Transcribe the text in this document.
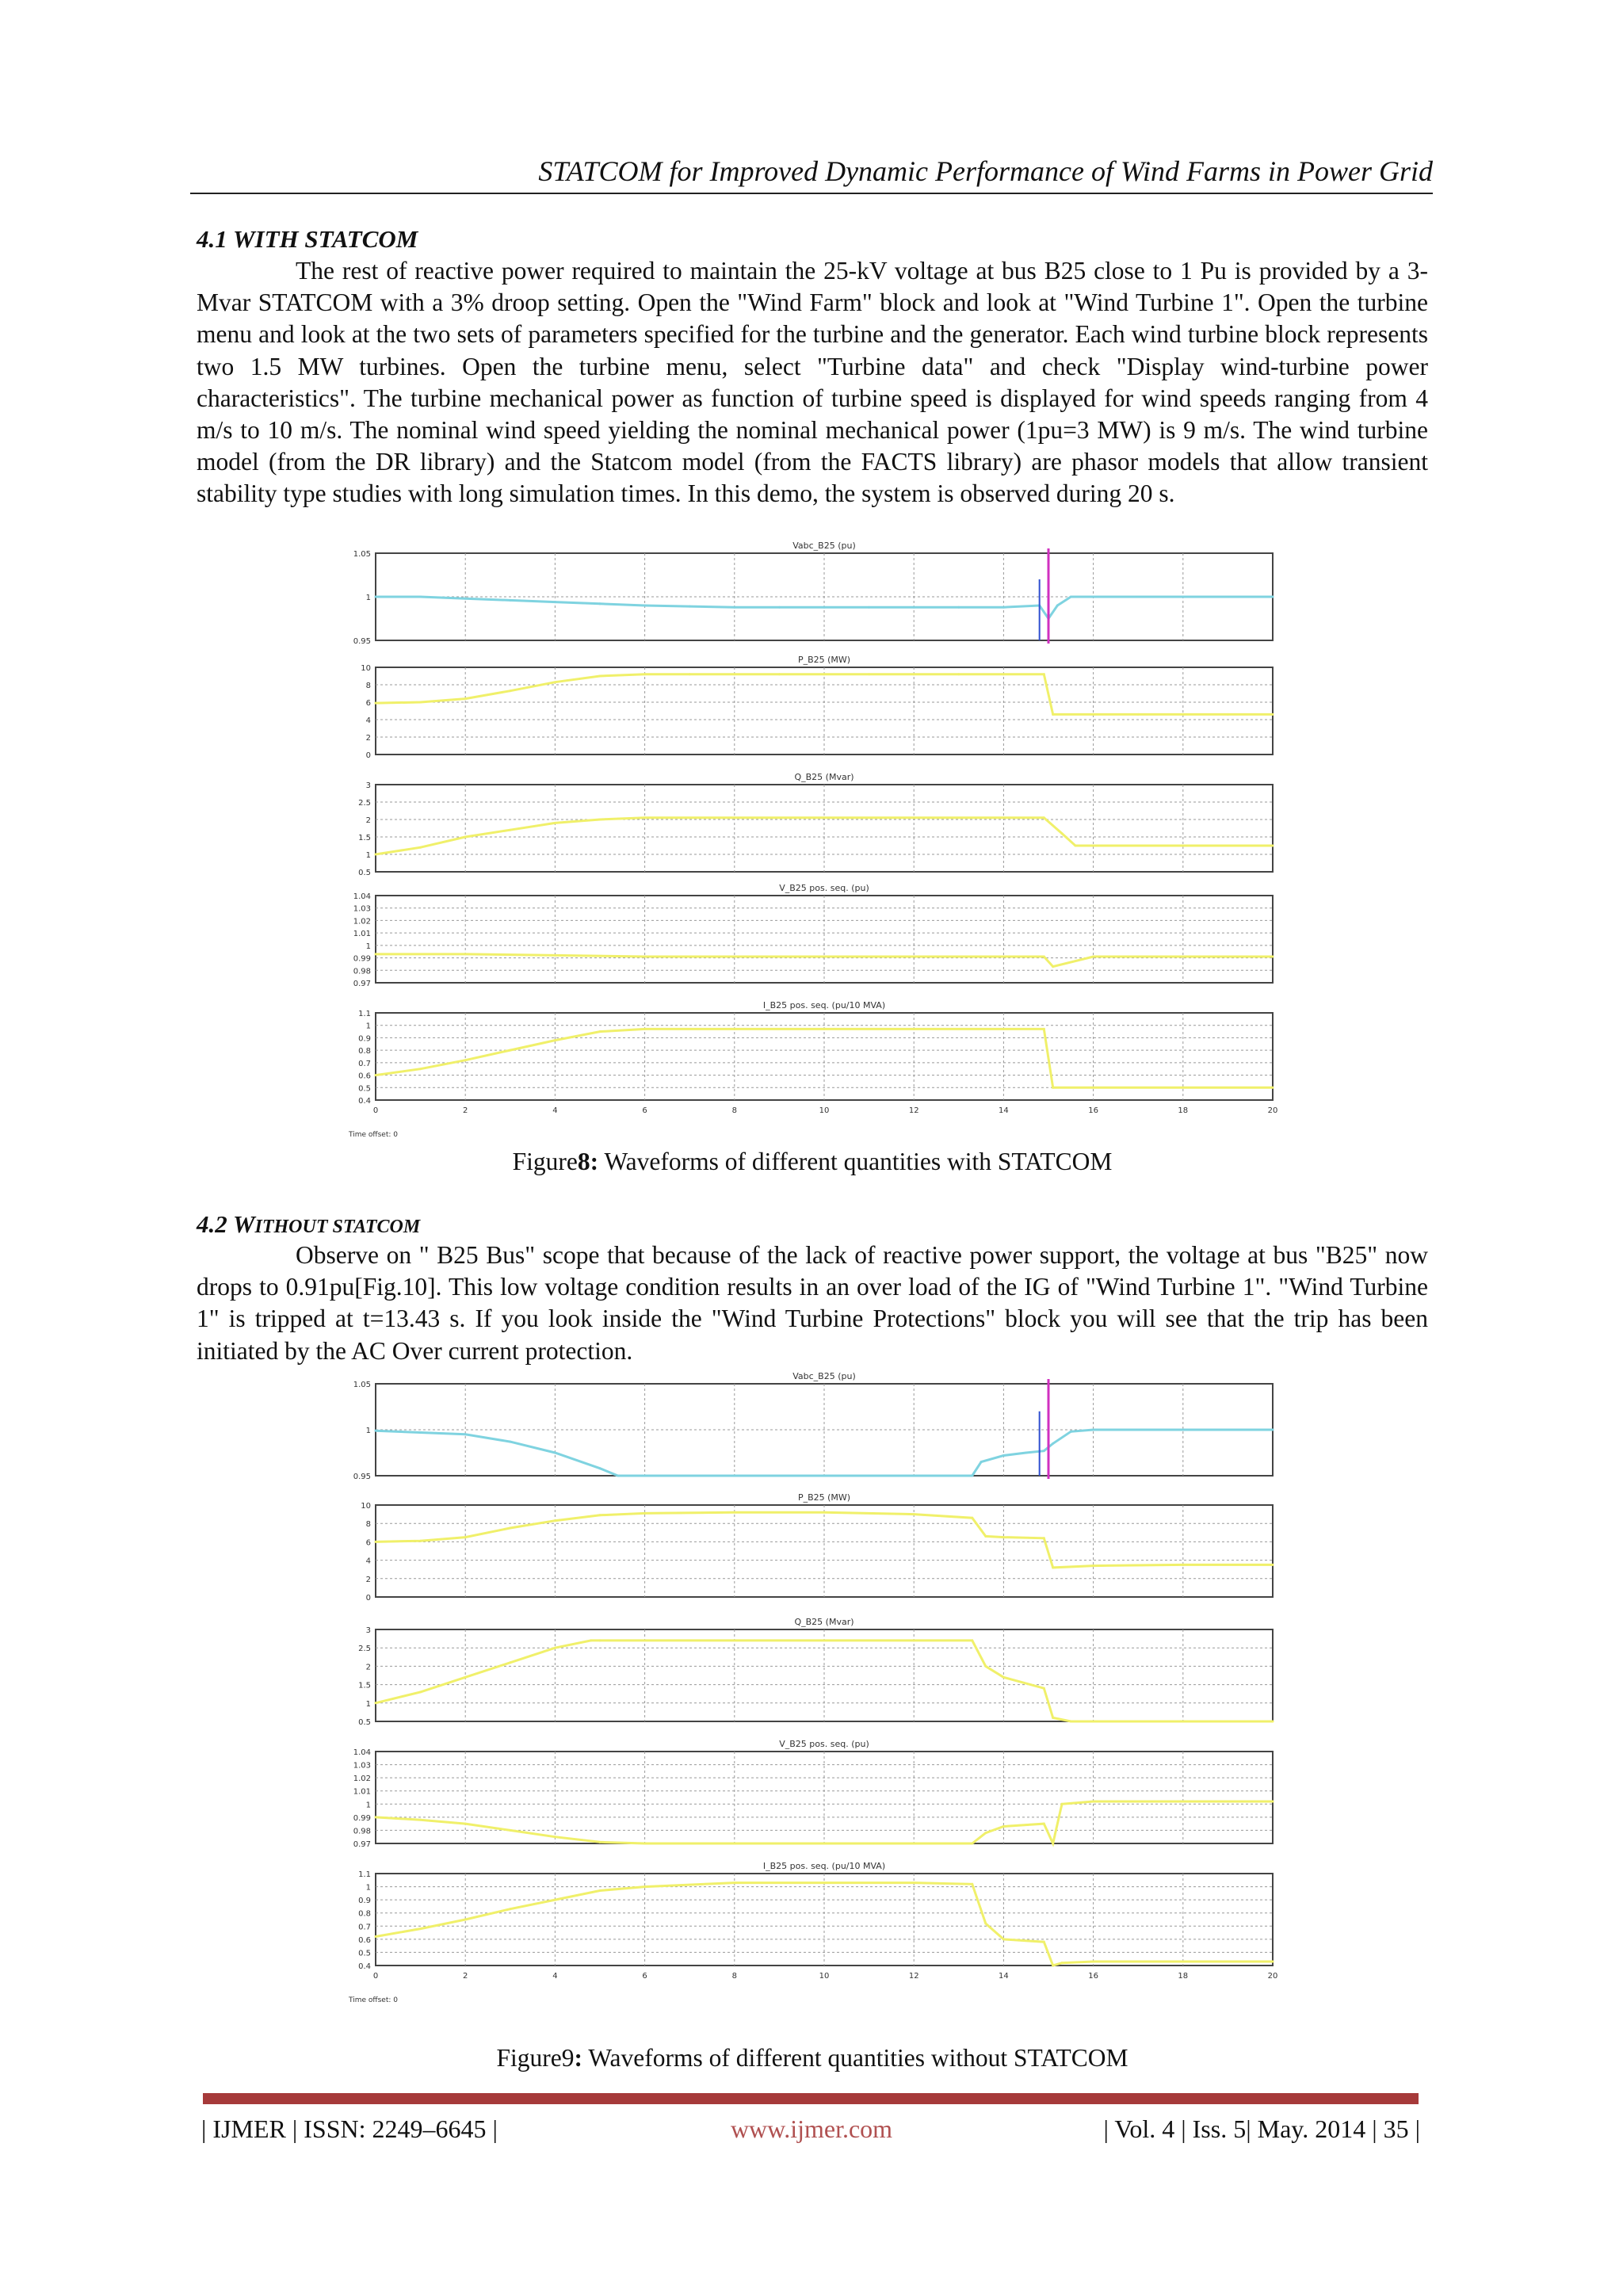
STATCOM for Improved Dynamic Performance of Wind Farms in Power Grid
4.1 WITH STATCOM

The rest of reactive power required to maintain the 25-kV voltage at bus B25 close to 1 Pu is provided by a 3-Mvar STATCOM with a 3% droop setting. Open the "Wind Farm" block and look at "Wind Turbine 1". Open the turbine menu and look at the two sets of parameters specified for the turbine and the generator. Each wind turbine block represents two 1.5 MW turbines. Open the turbine menu, select "Turbine data" and check "Display wind-turbine power characteristics". The turbine mechanical power as function of turbine speed is displayed for wind speeds ranging from 4 m/s to 10 m/s. The nominal wind speed yielding the nominal mechanical power (1pu=3 MW) is 9 m/s. The wind turbine model (from the DR library) and the Statcom model (from the FACTS library) are phasor models that allow transient stability type studies with long simulation times. In this demo, the system is observed during 20 s.

Vabc_B25 (pu)
1.05
1
0.95
P_B25 (MW)
10
8
6
4
2
0
Q_B25 (Mvar)
3
2.5
2
1.5
1
0.5
V_B25 pos. seq. (pu)
1.04
1.03
1.02
1.01
1
0.99
0.98
0.97
I_B25 pos. seq. (pu/10 MVA)
1.1
1
0.9
0.8
0.7
0.6
0.5
0.4
0	2	4	6	8	10	12	14	16	18	20
Time offset: 0
Figure8: Waveforms of different quantities with STATCOM
4.2 WITHOUT STATCOM

Observe on " B25 Bus" scope that because of the lack of reactive power support, the voltage at bus "B25" now drops to 0.91pu[Fig.10]. This low voltage condition results in an over load of the IG of "Wind Turbine 1". "Wind Turbine 1" is tripped at t=13.43 s. If you look inside the "Wind Turbine Protections" block you will see that the trip has been initiated by the AC Over current protection.

Vabc_B25 (pu)
1.05
1
0.95
P_B25 (MW)
10
8
6
4
2
0
Q_B25 (Mvar)
3
2.5
2
1.5
1
0.5
V_B25 pos. seq. (pu)
1.04
1.03
1.02
1.01
1
0.99
0.98
0.97
I_B25 pos. seq. (pu/10 MVA)
1.1
1
0.9
0.8
0.7
0.6
0.5
0.4
0	2	4	6	8	10	12	14	16	18	20
Time offset: 0
Figure9: Waveforms of different quantities without STATCOM
| IJMER | ISSN: 2249–6645 |	www.ijmer.com	| Vol. 4 | Iss. 5| May. 2014 | 35 |
